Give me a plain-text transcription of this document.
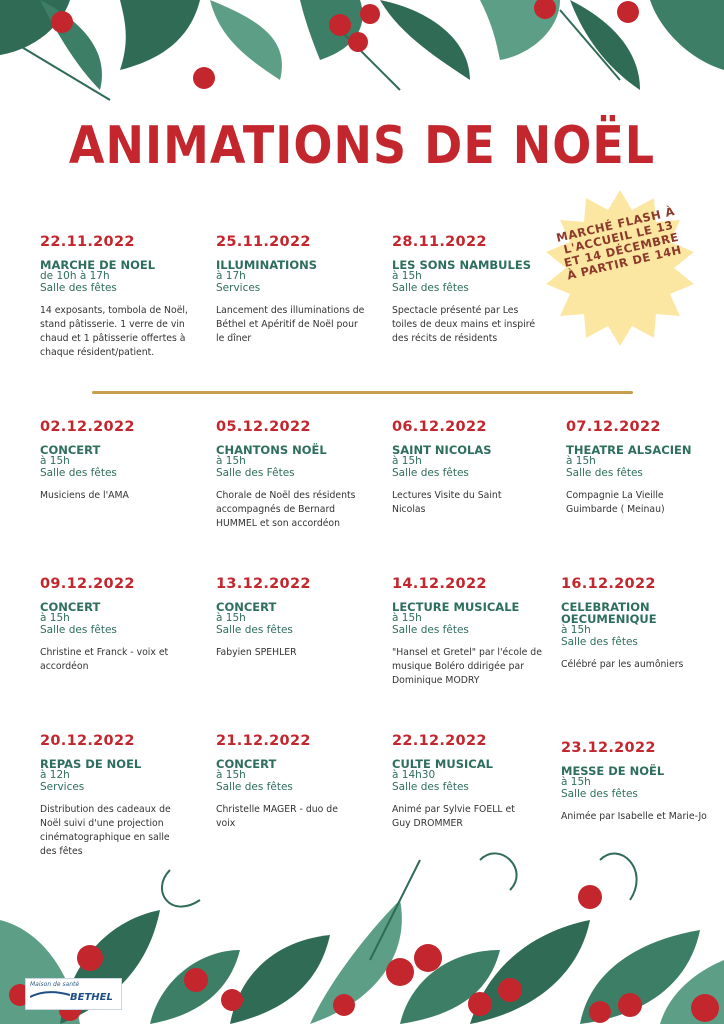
ANIMATIONS DE NOËL
MARCHÉ FLASH À L'ACCUEIL LE 13 ET 14 DÉCEMBRE À PARTIR DE 14H
22.11.2022
MARCHE DE NOEL
de 10h à 17h
Salle des fêtes
14 exposants, tombola de Noël, stand pâtisserie. 1 verre de vin chaud et 1 pâtisserie offertes à chaque résident/patient.
25.11.2022
ILLUMINATIONS
à 17h
Services
Lancement des illuminations de Béthel et Apéritif de Noël pour le dîner
28.11.2022
LES SONS NAMBULES
à 15h
Salle des fêtes
Spectacle présenté par Les toiles de deux mains et inspiré des récits de résidents
02.12.2022
CONCERT
à 15h
Salle des fêtes
Musiciens de l'AMA
05.12.2022
CHANTONS NOËL
à 15h
Salle des Fêtes
Chorale de Noël des résidents accompagnés de Bernard HUMMEL et son accordéon
06.12.2022
SAINT NICOLAS
à 15h
Salle des fêtes
Lectures Visite du Saint Nicolas
07.12.2022
THEATRE ALSACIEN
à 15h
Salle des fêtes
Compagnie La Vieille Guimbarde ( Meinau)
09.12.2022
CONCERT
à 15h
Salle des fêtes
Christine et Franck - voix et accordéon
13.12.2022
CONCERT
à 15h
Salle des fêtes
Fabyien SPEHLER
14.12.2022
LECTURE MUSICALE
à 15h
Salle des fêtes
"Hansel et Gretel" par l'école de musique Boléro ddirigée par Dominique MODRY
16.12.2022
CELEBRATION OECUMENIQUE
à 15h
Salle des fêtes
Célébré par les aumôniers
20.12.2022
REPAS DE NOEL
à 12h
Services
Distribution des cadeaux de Noël suivi d'une projection cinématographique en salle des fêtes
21.12.2022
CONCERT
à 15h
Salle des fêtes
Christelle MAGER - duo de voix
22.12.2022
CULTE MUSICAL
à 14h30
Salle des fêtes
Animé par Sylvie FOELL et Guy DROMMER
23.12.2022
MESSE DE NOËL
à 15h
Salle des fêtes
Animée par Isabelle et Marie-Jo
Maison de santé
BETHEL
